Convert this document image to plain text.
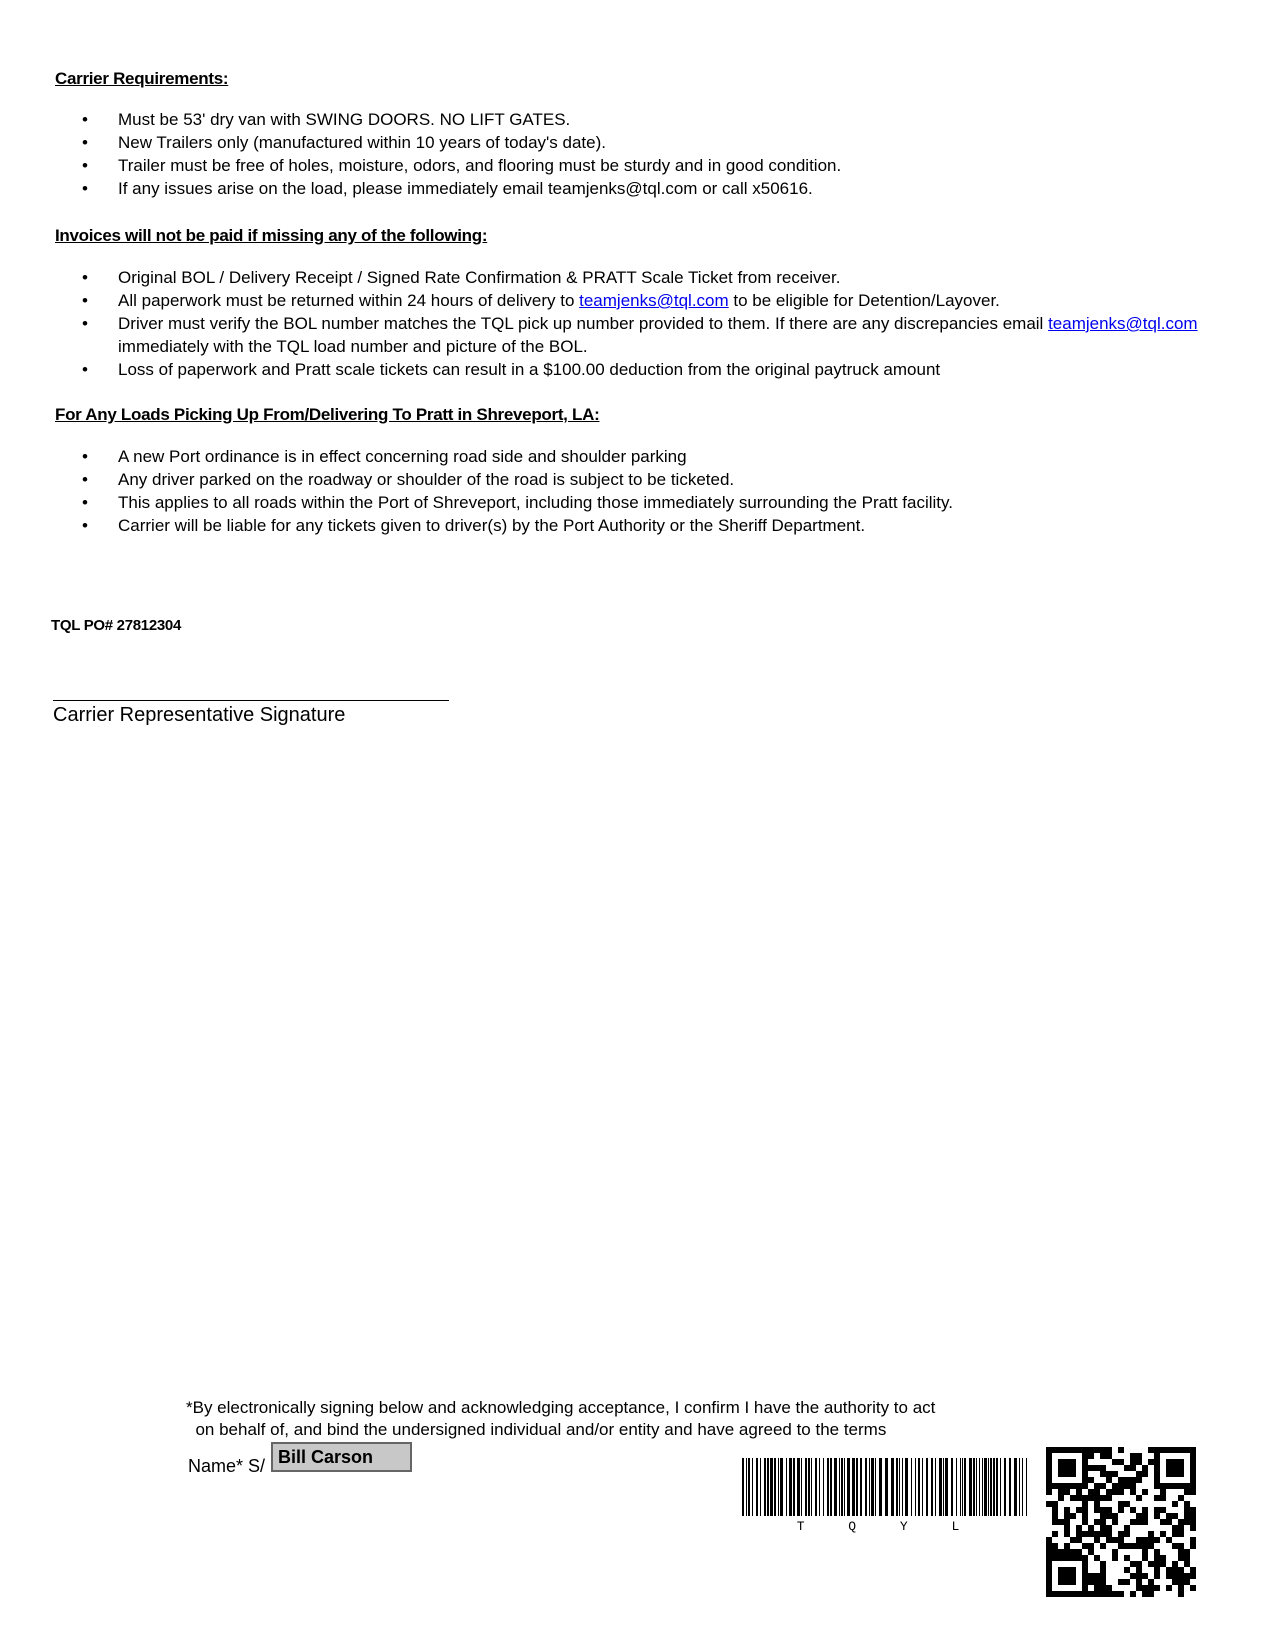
Carrier Requirements:
• Must be 53' dry van with SWING DOORS. NO LIFT GATES.
• New Trailers only (manufactured within 10 years of today's date).
• Trailer must be free of holes, moisture, odors, and flooring must be sturdy and in good condition.
• If any issues arise on the load, please immediately email teamjenks@tql.com or call x50616.
Invoices will not be paid if missing any of the following:
• Original BOL / Delivery Receipt / Signed Rate Confirmation & PRATT Scale Ticket from receiver.
• All paperwork must be returned within 24 hours of delivery to teamjenks@tql.com to be eligible for Detention/Layover.
• Driver must verify the BOL number matches the TQL pick up number provided to them. If there are any discrepancies email teamjenks@tql.com immediately with the TQL load number and picture of the BOL.
• Loss of paperwork and Pratt scale tickets can result in a $100.00 deduction from the original paytruck amount
For Any Loads Picking Up From/Delivering To Pratt in Shreveport, LA:
• A new Port ordinance is in effect concerning road side and shoulder parking
• Any driver parked on the roadway or shoulder of the road is subject to be ticketed.
• This applies to all roads within the Port of Shreveport, including those immediately surrounding the Pratt facility.
• Carrier will be liable for any tickets given to driver(s) by the Port Authority or the Sheriff Department.
TQL PO# 27812304
Carrier Representative Signature
*By electronically signing below and acknowledging acceptance, I confirm I have the authority to act
on behalf of, and bind the undersigned individual and/or entity and have agreed to the terms
Name* S/ Bill Carson
T Q Y L
